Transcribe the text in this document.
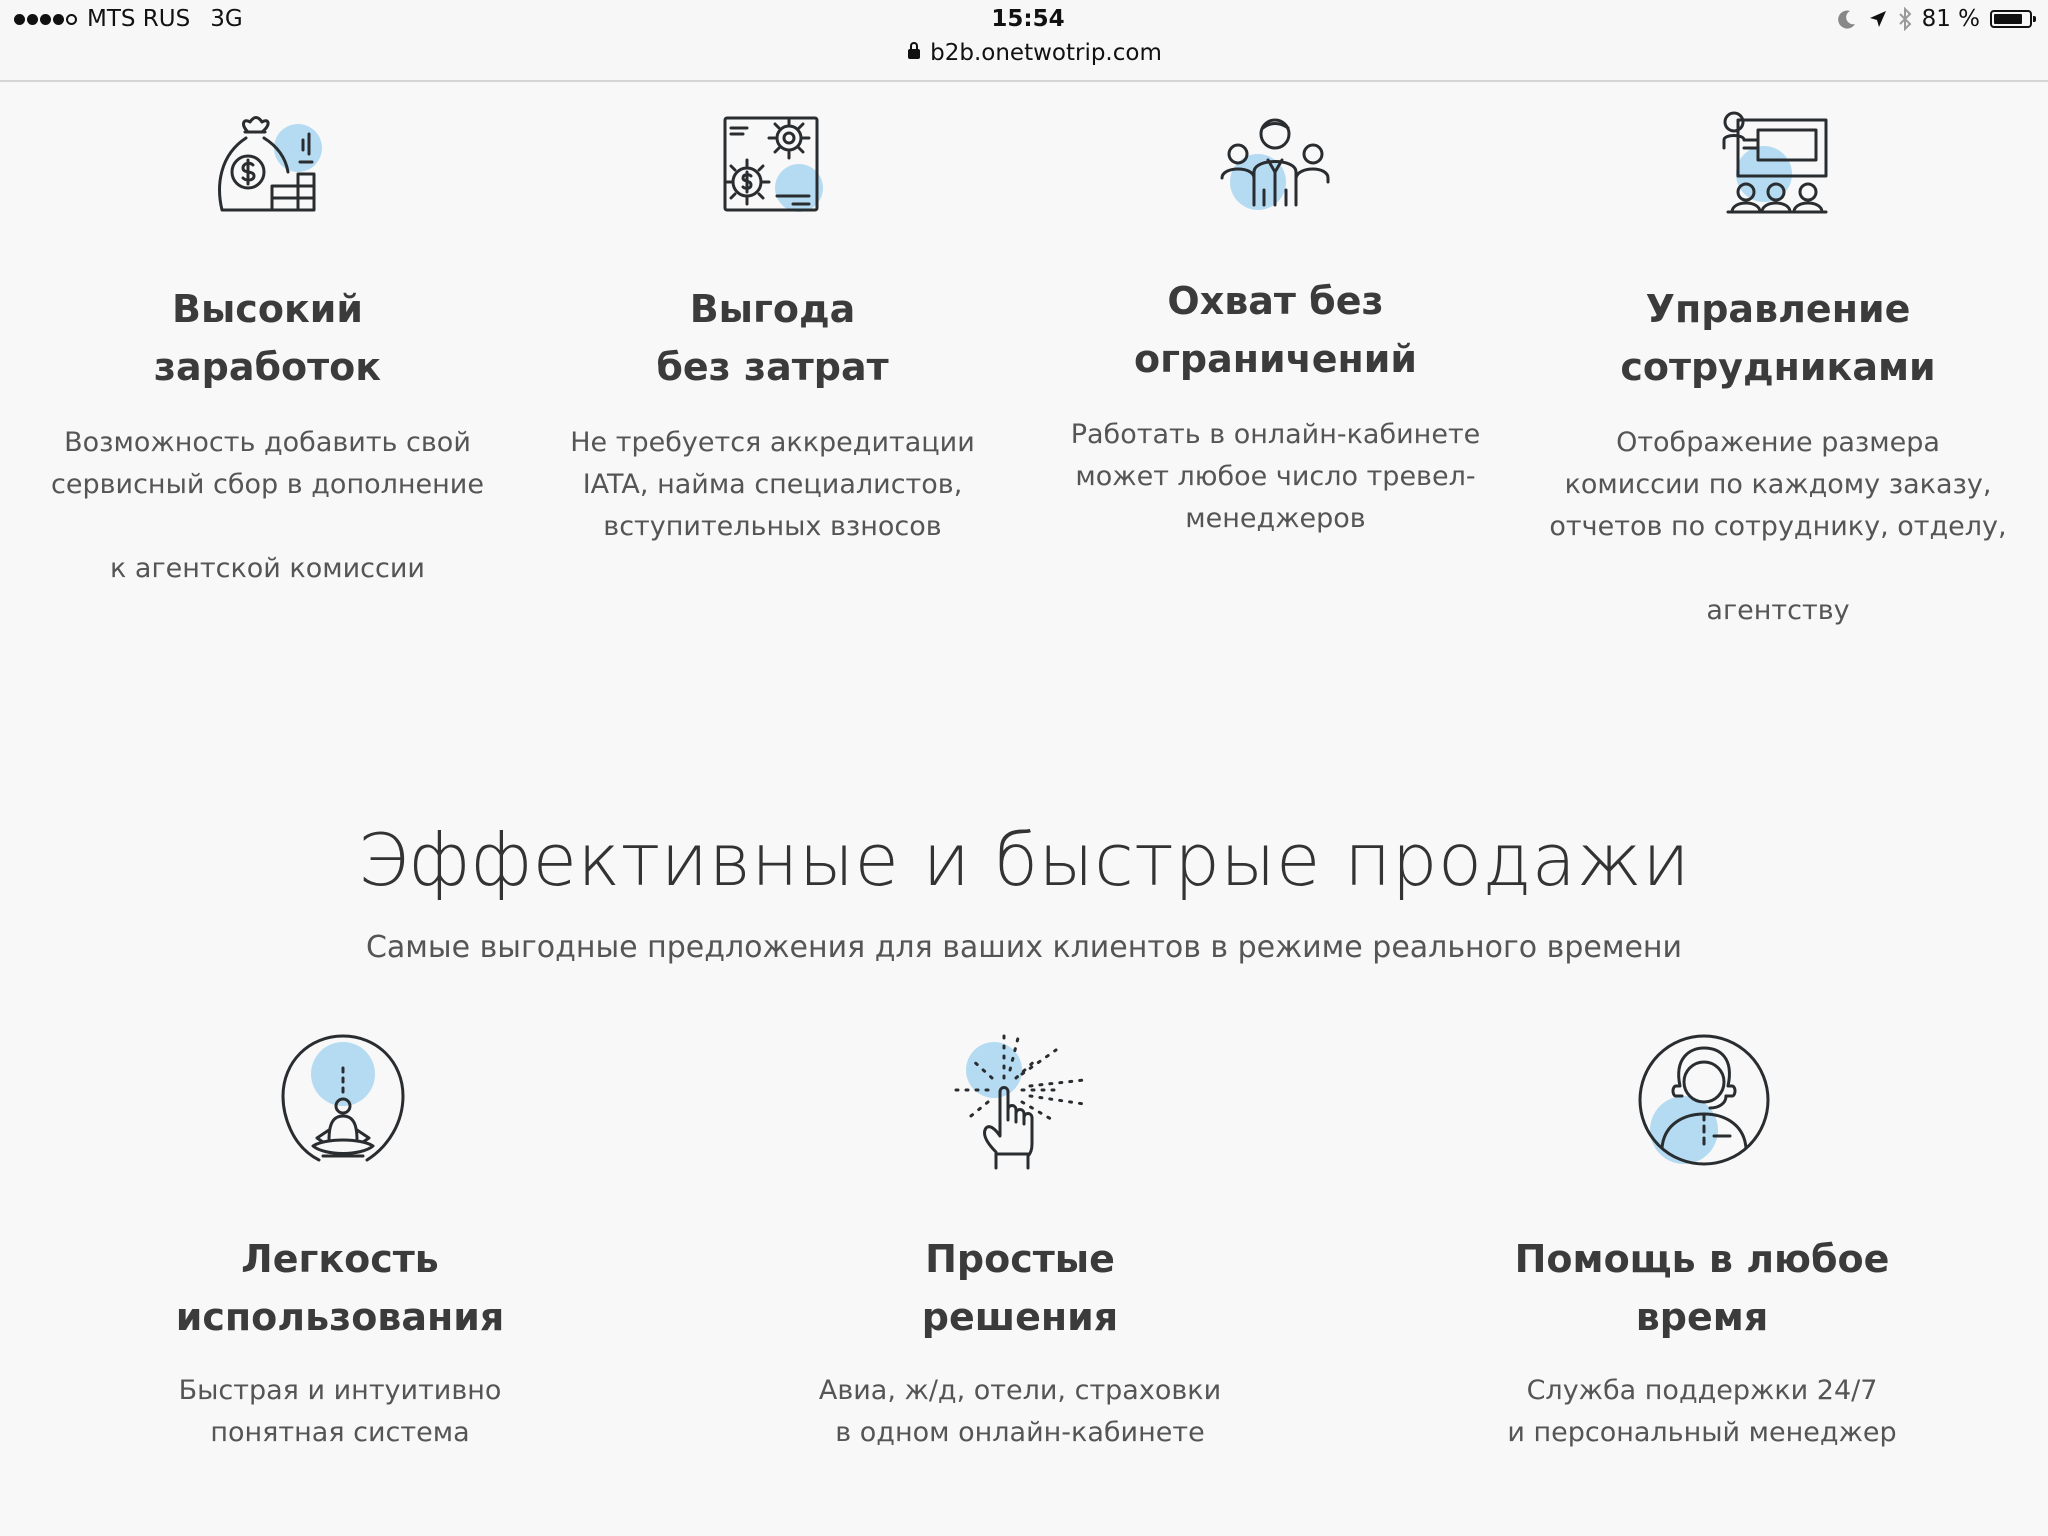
MTS RUS 3G	15:54
b2b.onetwotrip.com
81 %
Высокий
заработок
Возможность добавить свой
сервисный сбор в дополнение
к агентской комиссии
Выгода
без затрат
Не требуется аккредитации
IATA, найма специалистов,
вступительных взносов
Охват без
ограничений
Работать в онлайн-кабинете
может любое число тревел-
менеджеров
Управление
сотрудниками
Отображение размера
комиссии по каждому заказу,
отчетов по сотруднику, отделу,
агентству
Эффективные и быстрые продажи
Самые выгодные предложения для ваших клиентов в режиме реального времени
Легкость
использования
Быстрая и интуитивно
понятная система
Простые
решения
Авиа, ж/д, отели, страховки
в одном онлайн-кабинете
Помощь в любое
время
Служба поддержки 24/7
и персональный менеджер
